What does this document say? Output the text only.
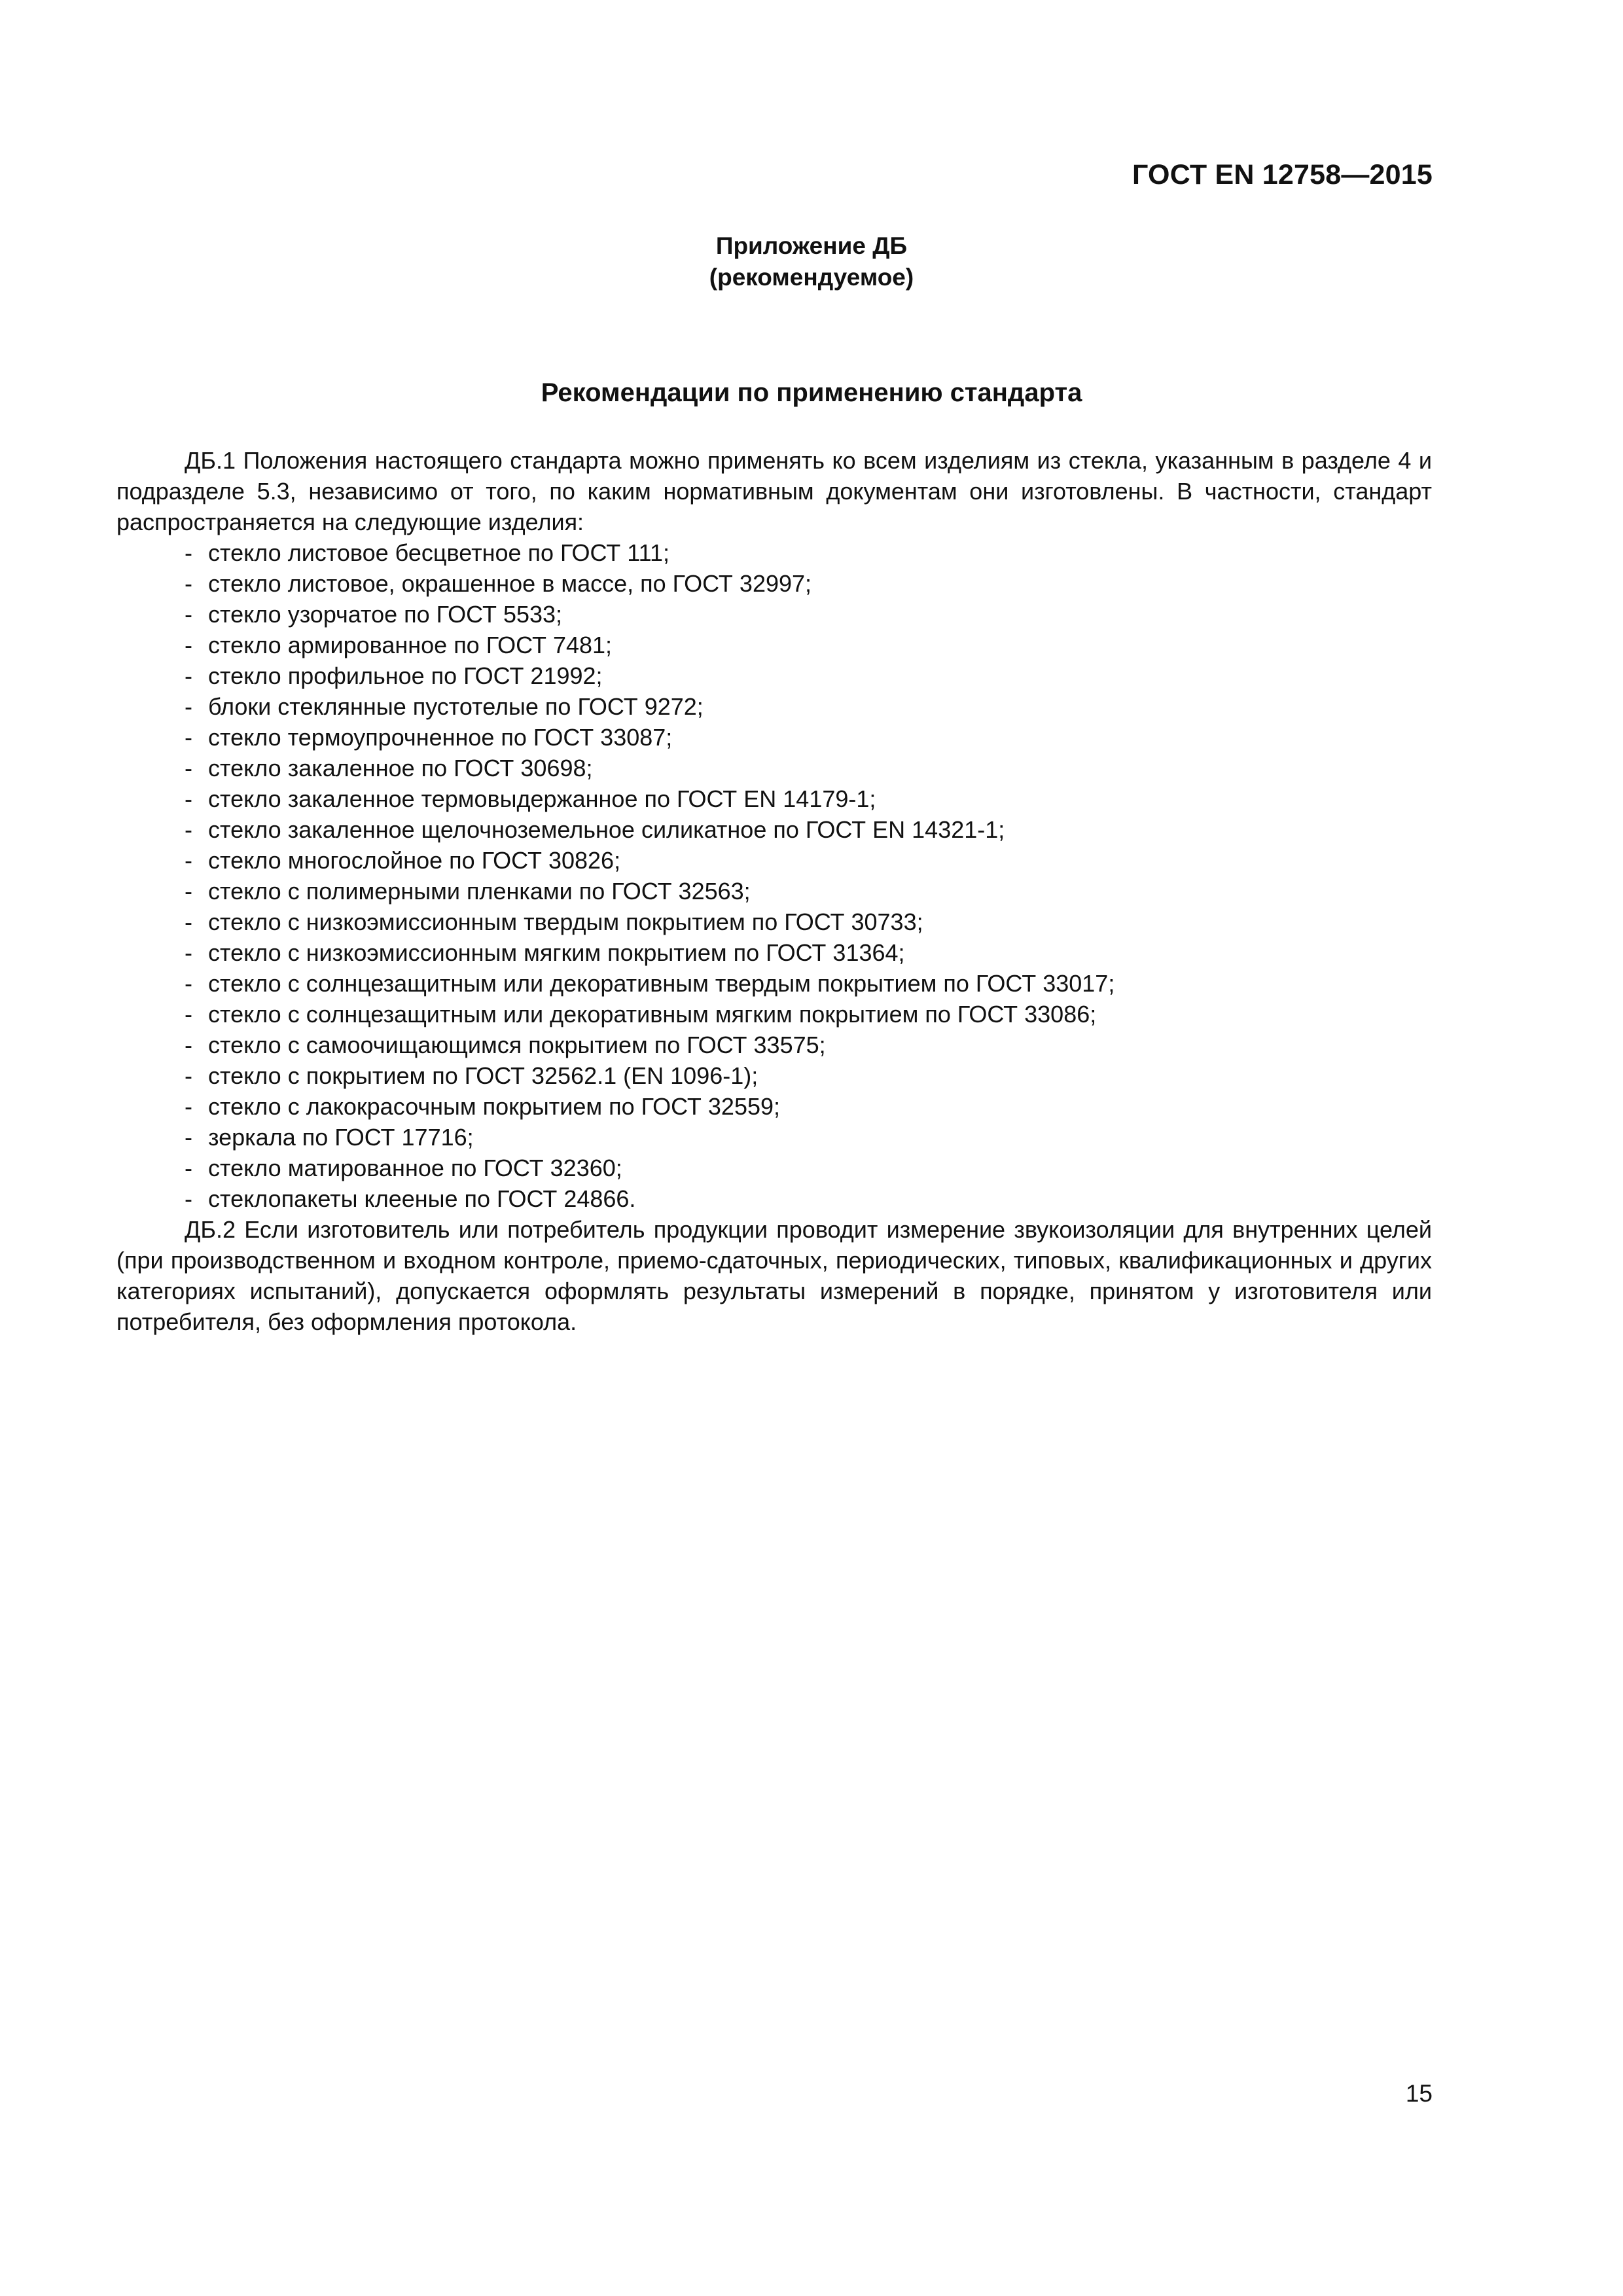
ГОСТ EN 12758—2015
Приложение ДБ
(рекомендуемое)
Рекомендации по применению стандарта

ДБ.1 Положения настоящего стандарта можно применять ко всем изделиям из стекла, указанным в разделе 4 и подразделе 5.3, независимо от того, по каким нормативным документам они изготовлены. В частности, стандарт распространяется на следующие изделия:

- стекло листовое бесцветное по ГОСТ 111;
- стекло листовое, окрашенное в массе, по ГОСТ 32997;
- стекло узорчатое по ГОСТ 5533;
- стекло армированное по ГОСТ 7481;
- стекло профильное по ГОСТ 21992;
- блоки стеклянные пустотелые по ГОСТ 9272;
- стекло термоупрочненное по ГОСТ 33087;
- стекло закаленное по ГОСТ 30698;
- стекло закаленное термовыдержанное по ГОСТ EN 14179-1;
- стекло закаленное щелочноземельное силикатное по ГОСТ EN 14321-1;
- стекло многослойное по ГОСТ 30826;
- стекло с полимерными пленками по ГОСТ 32563;
- стекло с низкоэмиссионным твердым покрытием по ГОСТ 30733;
- стекло с низкоэмиссионным мягким покрытием по ГОСТ 31364;
- стекло с солнцезащитным или декоративным твердым покрытием по ГОСТ 33017;
- стекло с солнцезащитным или декоративным мягким покрытием по ГОСТ 33086;
- стекло с самоочищающимся покрытием по ГОСТ 33575;
- стекло с покрытием по ГОСТ 32562.1 (EN 1096-1);
- стекло с лакокрасочным покрытием по ГОСТ 32559;
- зеркала по ГОСТ 17716;
- стекло матированное по ГОСТ 32360;
- стеклопакеты клееные по ГОСТ 24866.

ДБ.2 Если изготовитель или потребитель продукции проводит измерение звукоизоляции для внутренних целей (при производственном и входном контроле, приемо-сдаточных, периодических, типовых, квалификационных и других категориях испытаний), допускается оформлять результаты измерений в порядке, принятом у изготовителя или потребителя, без оформления протокола.

15
